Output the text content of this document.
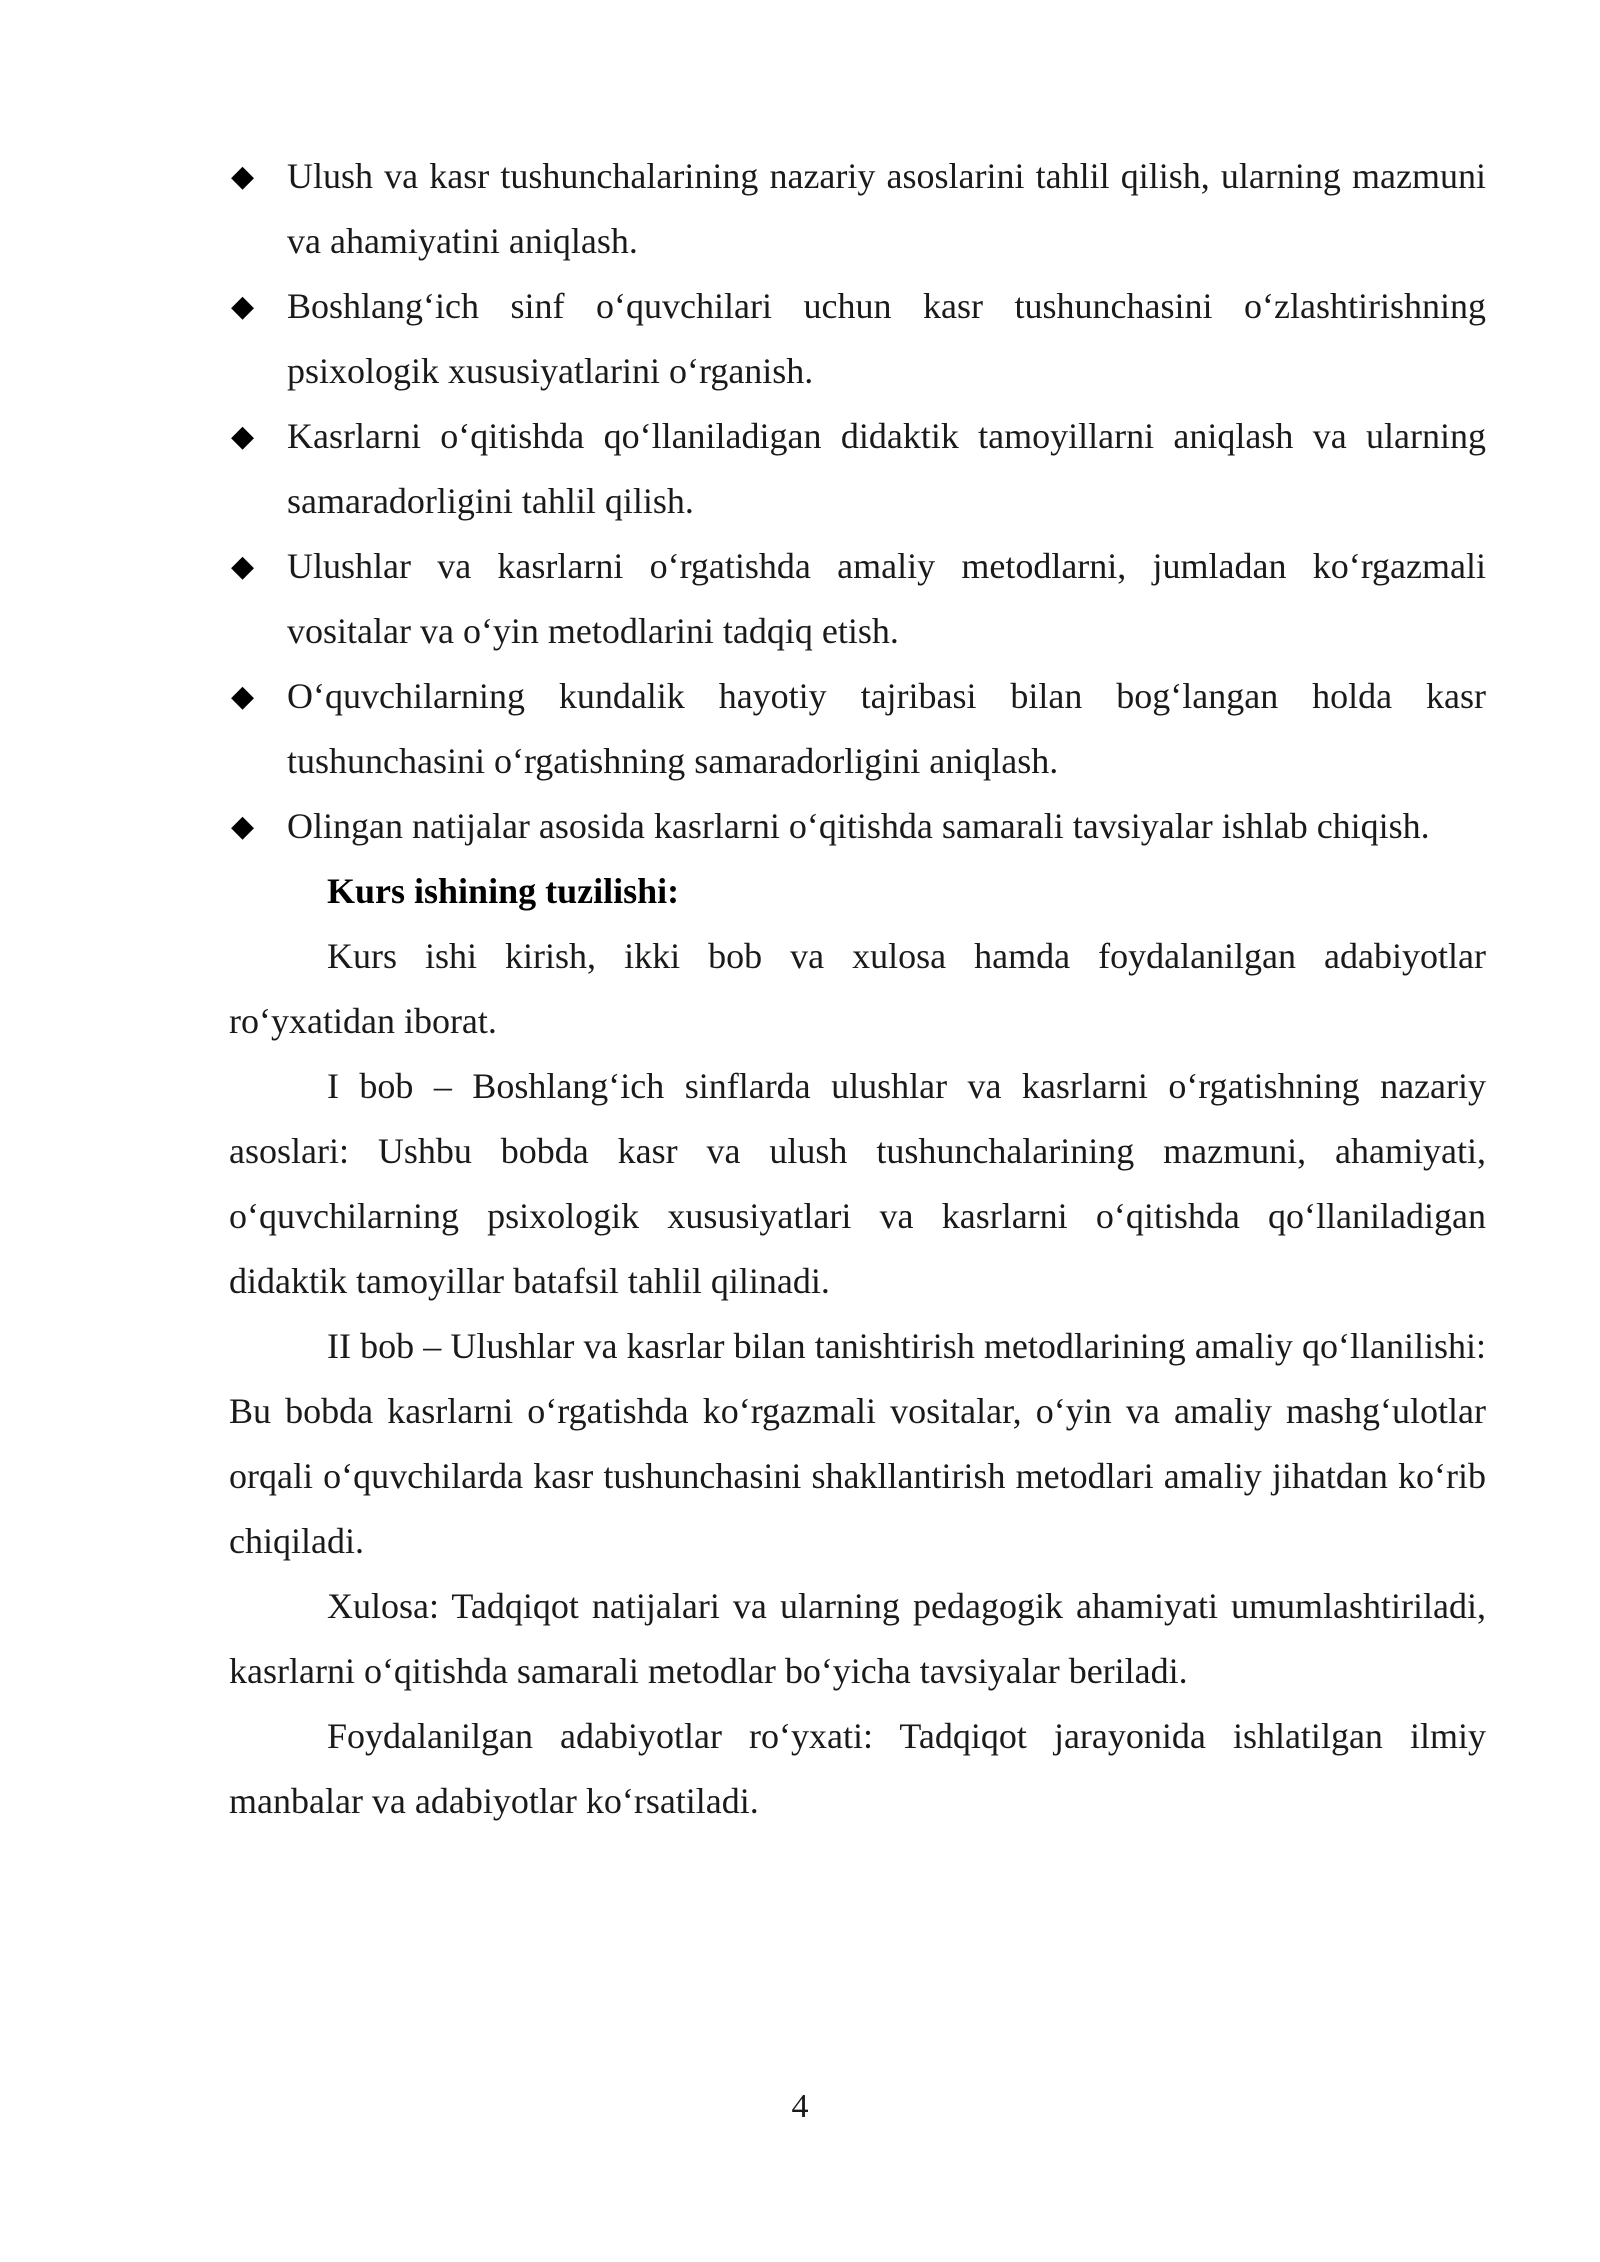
◆ Ulush va kasr tushunchalarining nazariy asoslarini tahlil qilish, ularning mazmuni va ahamiyatini aniqlash.
◆ Boshlang‘ich sinf o‘quvchilari uchun kasr tushunchasini o‘zlashtirishning psixologik xususiyatlarini o‘rganish.
◆ Kasrlarni o‘qitishda qo‘llaniladigan didaktik tamoyillarni aniqlash va ularning samaradorligini tahlil qilish.
◆ Ulushlar va kasrlarni o‘rgatishda amaliy metodlarni, jumladan ko‘rgazmali vositalar va o‘yin metodlarini tadqiq etish.
◆ O‘quvchilarning kundalik hayotiy tajribasi bilan bog‘langan holda kasr tushunchasini o‘rgatishning samaradorligini aniqlash.
◆ Olingan natijalar asosida kasrlarni o‘qitishda samarali tavsiyalar ishlab chiqish.

Kurs ishining tuzilishi:

Kurs ishi kirish, ikki bob va xulosa hamda foydalanilgan adabiyotlar ro‘yxatidan iborat.

I bob – Boshlang‘ich sinflarda ulushlar va kasrlarni o‘rgatishning nazariy asoslari: Ushbu bobda kasr va ulush tushunchalarining mazmuni, ahamiyati, o‘quvchilarning psixologik xususiyatlari va kasrlarni o‘qitishda qo‘llaniladigan didaktik tamoyillar batafsil tahlil qilinadi.

II bob – Ulushlar va kasrlar bilan tanishtirish metodlarining amaliy qo‘llanilishi: Bu bobda kasrlarni o‘rgatishda ko‘rgazmali vositalar, o‘yin va amaliy mashg‘ulotlar orqali o‘quvchilarda kasr tushunchasini shakllantirish metodlari amaliy jihatdan ko‘rib chiqiladi.

Xulosa: Tadqiqot natijalari va ularning pedagogik ahamiyati umumlashtiriladi, kasrlarni o‘qitishda samarali metodlar bo‘yicha tavsiyalar beriladi.

Foydalanilgan adabiyotlar ro‘yxati: Tadqiqot jarayonida ishlatilgan ilmiy manbalar va adabiyotlar ko‘rsatiladi.

4
